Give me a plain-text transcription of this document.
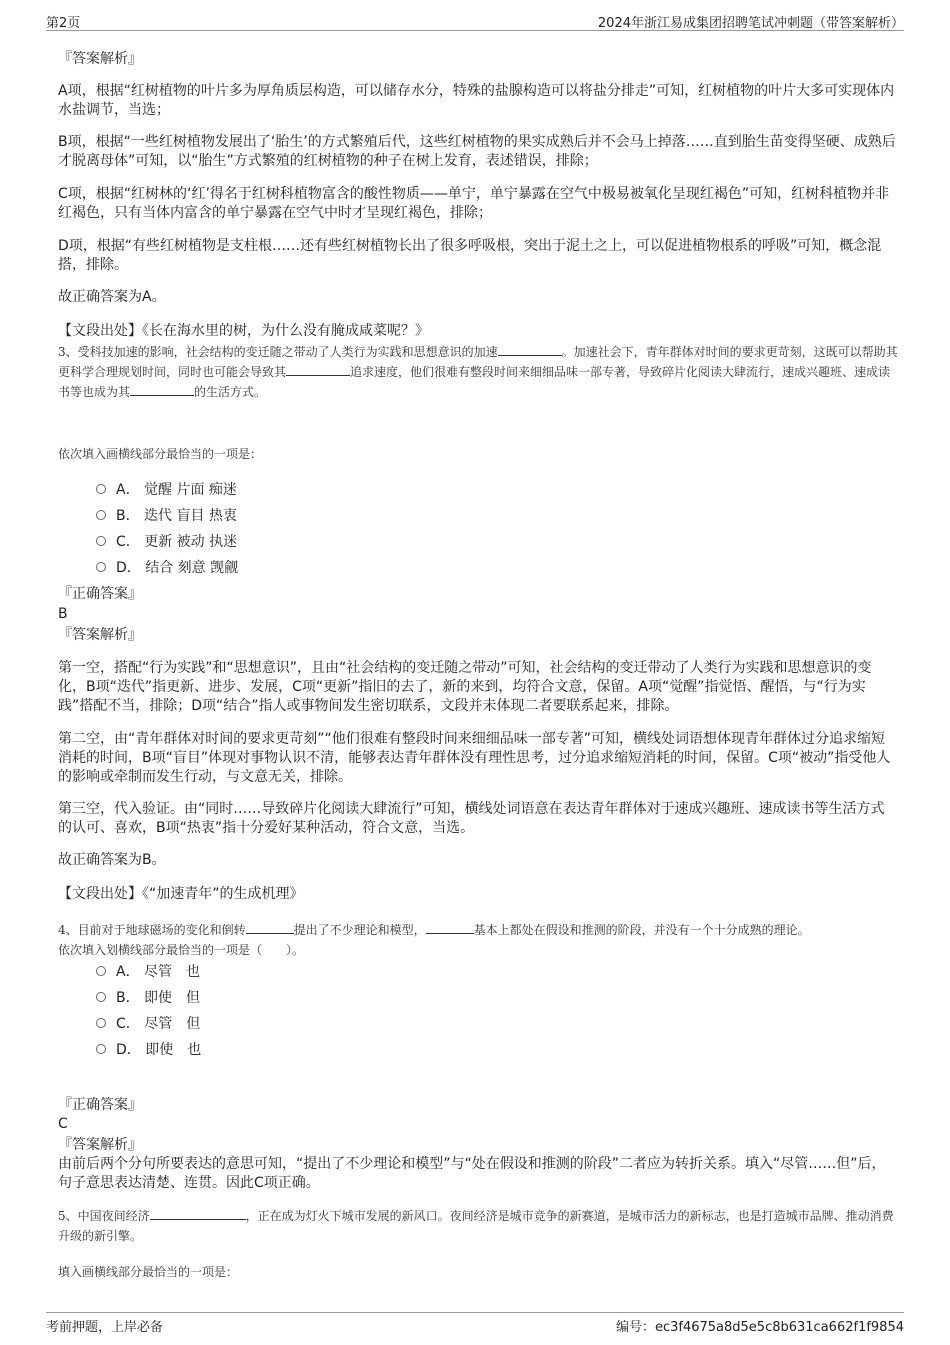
第2页	2024年浙江易成集团招聘笔试冲刺题（带答案解析）
『答案解析』
A项，根据“红树植物的叶片多为厚角质层构造，可以储存水分，特殊的盐腺构造可以将盐分排走”可知，红树植物的叶片大多可实现体内水盐调节，当选；
B项，根据“一些红树植物发展出了‘胎生’的方式繁殖后代，这些红树植物的果实成熟后并不会马上掉落……直到胎生苗变得坚硬、成熟后才脱离母体”可知，以“胎生”方式繁殖的红树植物的种子在树上发育，表述错误，排除；
C项，根据“红树林的‘红’得名于红树科植物富含的酸性物质——单宁，单宁暴露在空气中极易被氧化呈现红褐色”可知，红树科植物并非红褐色，只有当体内富含的单宁暴露在空气中时才呈现红褐色，排除；
D项，根据“有些红树植物是支柱根……还有些红树植物长出了很多呼吸根，突出于泥土之上，可以促进植物根系的呼吸”可知，概念混搭，排除。
故正确答案为A。
【文段出处】《长在海水里的树，为什么没有腌成咸菜呢？》
3、受科技加速的影响，社会结构的变迁随之带动了人类行为实践和思想意识的加速	。加速社会下，青年群体对时间的要求更苛刻，这既可以帮助其更科学合理规划时间，同时也可能会导致其	追求速度，他们很难有整段时间来细细品味一部专著，导致碎片化阅读大肆流行，速成兴趣班、速成读书等也成为其	的生活方式。
依次填入画横线部分最恰当的一项是：
A． 觉醒 片面 痴迷
B． 迭代 盲目 热衷
C． 更新 被动 执迷
D． 结合 刻意 觊觎
『正确答案』
B
『答案解析』
第一空，搭配“行为实践”和“思想意识”，且由“社会结构的变迁随之带动”可知，社会结构的变迁带动了人类行为实践和思想意识的变化，B项“迭代”指更新、进步、发展，C项“更新”指旧的去了，新的来到，均符合文意，保留。A项“觉醒”指觉悟、醒悟，与“行为实践”搭配不当，排除；D项“结合”指人或事物间发生密切联系，文段并未体现二者要联系起来，排除。
第二空，由“青年群体对时间的要求更苛刻”“他们很难有整段时间来细细品味一部专著”可知，横线处词语想体现青年群体过分追求缩短消耗的时间，B项“盲目”体现对事物认识不清，能够表达青年群体没有理性思考，过分追求缩短消耗的时间，保留。C项“被动”指受他人的影响或牵制而发生行动，与文意无关，排除。
第三空，代入验证。由“同时……导致碎片化阅读大肆流行”可知，横线处词语意在表达青年群体对于速成兴趣班、速成读书等生活方式的认可、喜欢，B项“热衷”指十分爱好某种活动，符合文意，当选。
故正确答案为B。
【文段出处】《“加速青年”的生成机理》
4、目前对于地球磁场的变化和倒转	提出了不少理论和模型，	基本上都处在假设和推测的阶段，并没有一个十分成熟的理论。
依次填入划横线部分最恰当的一项是（　　）。
A． 尽管　也
B． 即使　但
C． 尽管　但
D． 即使　也
『正确答案』
C
『答案解析』
由前后两个分句所要表达的意思可知，“提出了不少理论和模型”与“处在假设和推测的阶段”二者应为转折关系。填入“尽管……但”后，句子意思表达清楚、连贯。因此C项正确。
5、中国夜间经济	，正在成为灯火下城市发展的新风口。夜间经济是城市竞争的新赛道，是城市活力的新标志，也是打造城市品牌、推动消费升级的新引擎。
填入画横线部分最恰当的一项是：
考前押题，上岸必备	编号：ec3f4675a8d5e5c8b631ca662f1f9854
